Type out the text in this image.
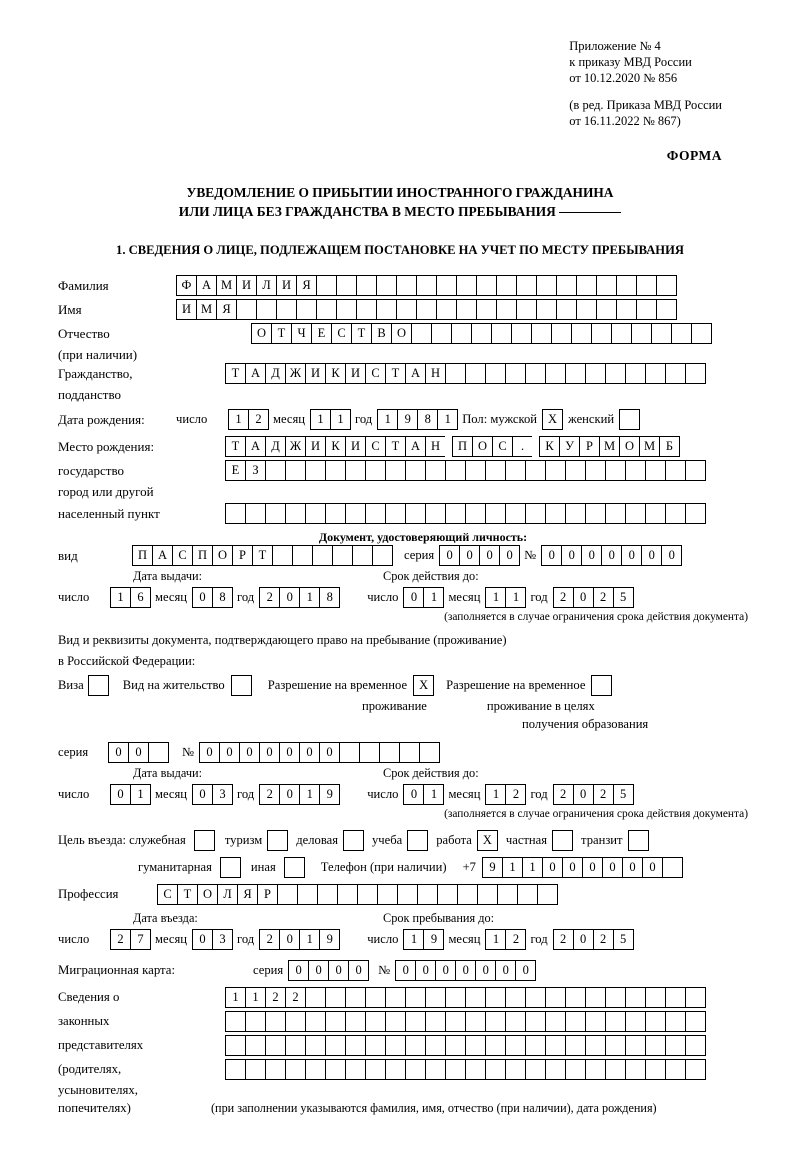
Приложение № 4
к приказу МВД России
от 10.12.2020 № 856
(в ред. Приказа МВД России
от 16.11.2022 № 867)
ФОРМА
УВЕДОМЛЕНИЕ О ПРИБЫТИИ ИНОСТРАННОГО ГРАЖДАНИНА
ИЛИ ЛИЦА БЕЗ ГРАЖДАНСТВА В МЕСТО ПРЕБЫВАНИЯ
1. СВЕДЕНИЯ О ЛИЦЕ, ПОДЛЕЖАЩЕМ ПОСТАНОВКЕ НА УЧЕТ ПО МЕСТУ ПРЕБЫВАНИЯ
Фамилия	Ф А М И Л И Я
Имя	И М Я
Отчество	О Т Ч Е С Т В О
(при наличии)
Гражданство,	Т А Д Ж И К И С Т А Н
подданство
Дата рождения:	число	1	2 месяц 1	1 год 1	9	8	1 Пол: мужской Х женский
Место рождения:	Т А Д Ж И К И С Т А Н	П О С	.	К У Р М О М Б
государство	Е	З
город или другой
населенный пункт
Документ, удостоверяющий личность:
вид	П А С П О Р	Т	серия 0	0	0	0 № 0	0	0	0	0	0	0
Дата выдачи:	Срок действия до:
число	1	6 месяц 0	8 год 2	0	1	8	число 0	1 месяц 1	1 год 2	0	2	5
(заполняется в случае ограничения срока действия документа)
Вид и реквизиты документа, подтверждающего право на пребывание (проживание)
в Российской Федерации:
Виза	Вид на жительство	Разрешение на временное Х	Разрешение на временное
проживание	проживание в целях
получения образования
серия	0	0	№ 0	0	0	0	0	0	0
Дата выдачи:	Срок действия до:
число	0	1 месяц 0	3 год 2	0	1	9	число 0	1 месяц 1	2 год 2	0	2	5
(заполняется в случае ограничения срока действия документа)
Цель въезда: служебная	туризм	деловая	учеба	работа Х	частная	транзит
гуманитарная	иная	Телефон (при наличии) +7	9	1	1	0	0	0	0	0	0
Профессия	С Т О Л Я Р
Дата въезда:	Срок пребывания до:
число	2	7 месяц 0	3 год 2	0	1	9	число 1	9 месяц 1	2 год 2	0	2	5
Миграционная карта:	серия 0	0	0	0	№ 0	0	0	0	0	0	0
Сведения о	1	1	2	2
законных
представителях
(родителях,
усыновителях,
попечителях)	(при заполнении указываются фамилия, имя, отчество (при наличии), дата рождения)
